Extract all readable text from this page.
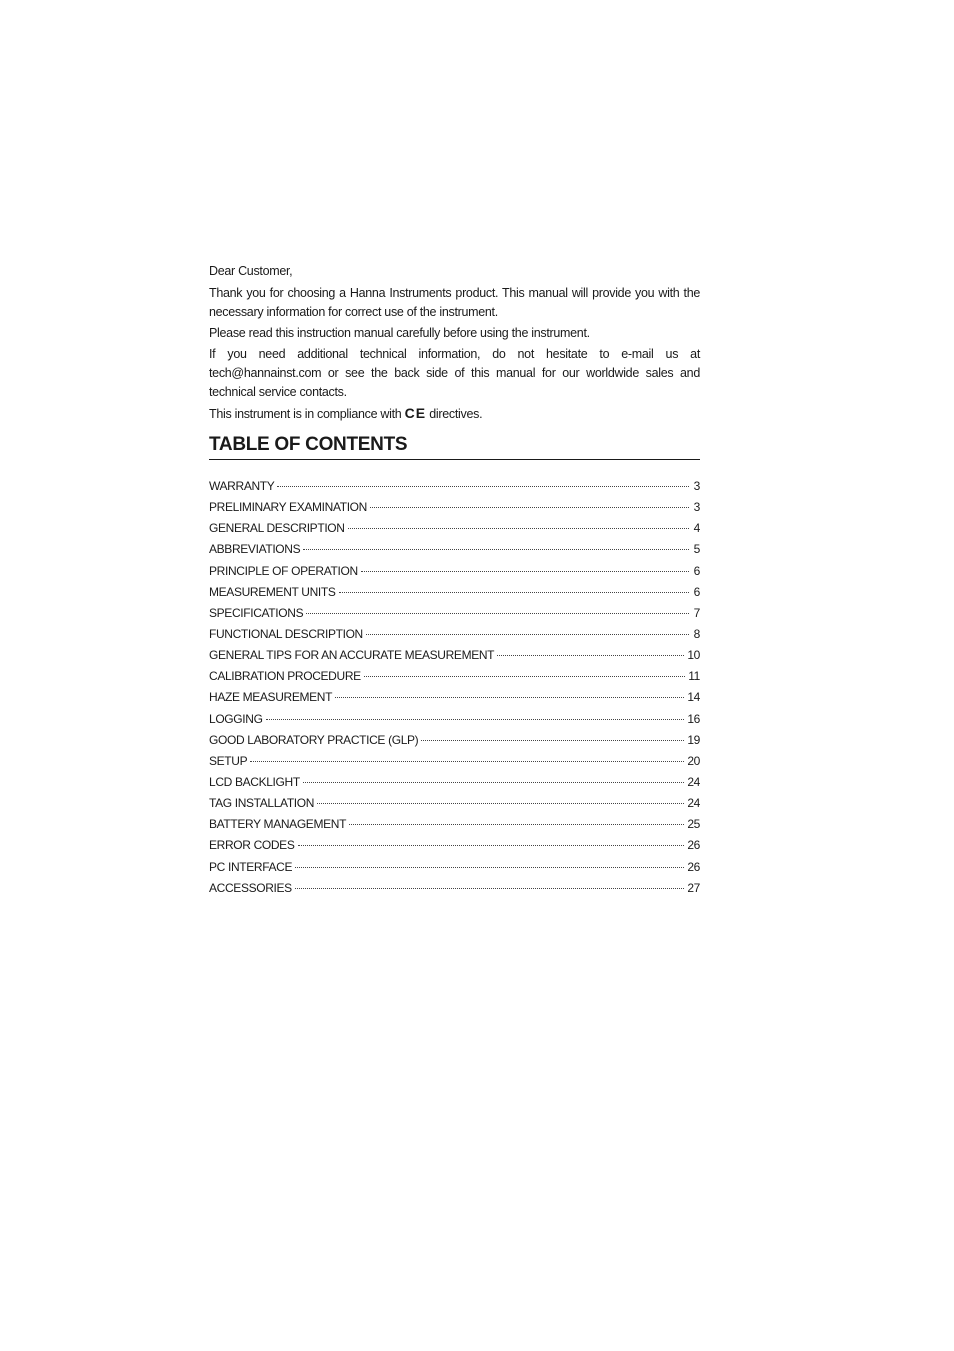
Dear Customer,

Thank you for choosing a Hanna Instruments product. This manual will provide you with the necessary information for correct use of the instrument.

Please read this instruction manual carefully before using the instrument.

If you need additional technical information, do not hesitate to e-mail us at tech@hannainst.com or see the back side of this manual for our worldwide sales and technical service contacts.

This instrument is in compliance with CE directives.

TABLE OF CONTENTS
WARRANTY	3
PRELIMINARY EXAMINATION	3
GENERAL DESCRIPTION	4
ABBREVIATIONS	5
PRINCIPLE OF OPERATION	6
MEASUREMENT UNITS	6
SPECIFICATIONS	7
FUNCTIONAL DESCRIPTION	8
GENERAL TIPS FOR AN ACCURATE MEASUREMENT	10
CALIBRATION PROCEDURE	11
HAZE MEASUREMENT	14
LOGGING	16
GOOD LABORATORY PRACTICE (GLP)	19
SETUP	20
LCD BACKLIGHT	24
TAG INSTALLATION	24
BATTERY MANAGEMENT	25
ERROR CODES	26
PC INTERFACE	26
ACCESSORIES	27
